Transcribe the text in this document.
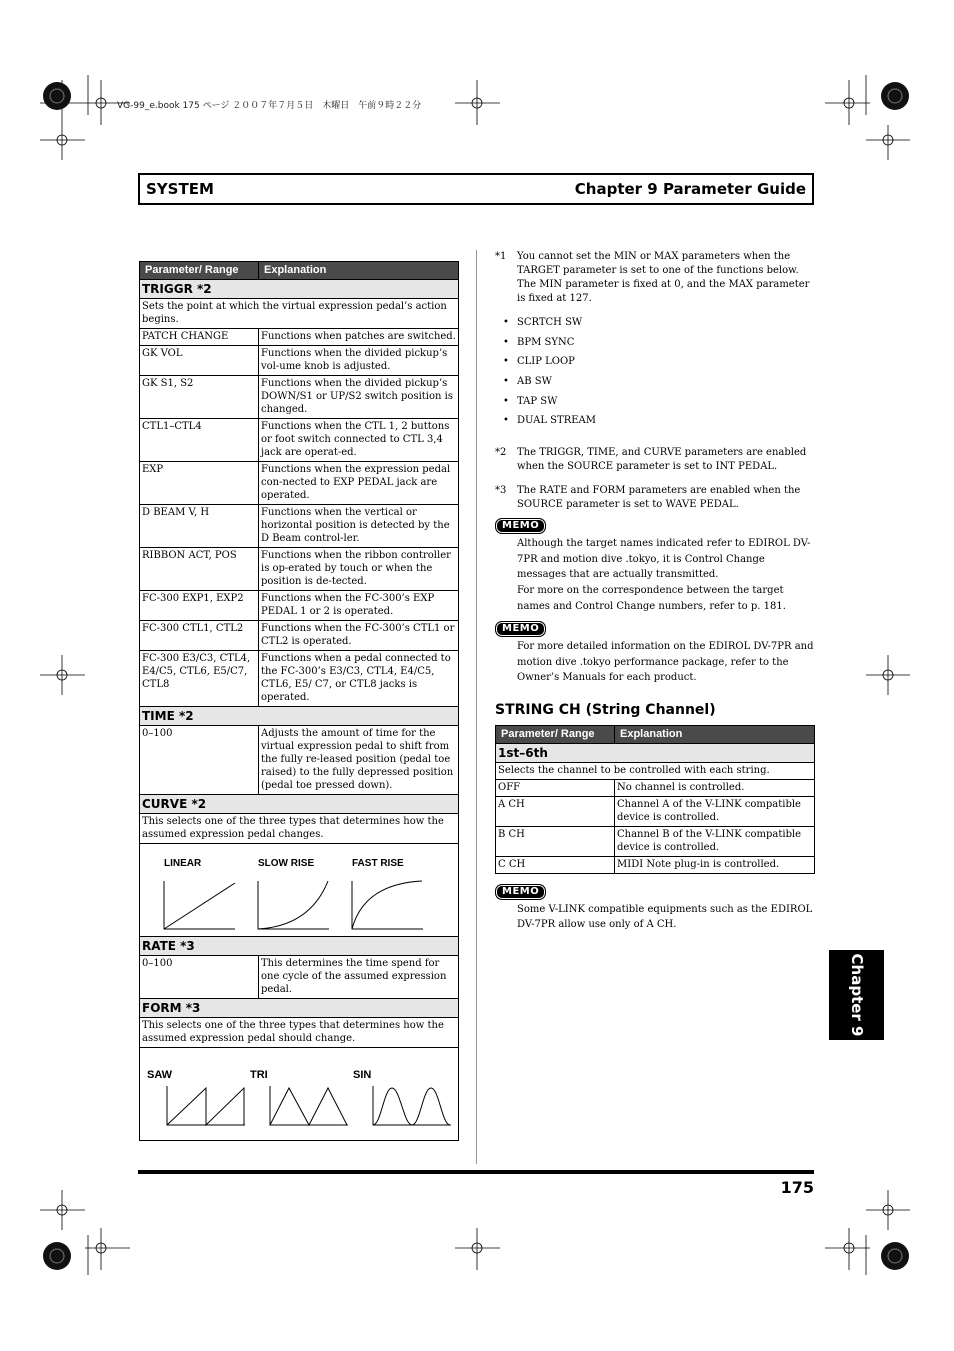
VG-99_e.book 175 ページ ２００７年７月５日　木曜日　午前９時２２分
SYSTEM	Chapter 9 Parameter Guide
Parameter/ Range	Explanation
TRIGGR *2	
Sets the point at which the virtual expression pedal’s action begins.	
PATCH CHANGE	Functions when patches are switched.
GK VOL	Functions when the divided pickup’s vol-ume knob is adjusted.
GK S1, S2	Functions when the divided pickup’s DOWN/S1 or UP/S2 switch position is changed.
CTL1–CTL4	Functions when the CTL 1, 2 buttons or foot switch connected to CTL 3,4 jack are operat-ed.
EXP	Functions when the expression pedal con-nected to EXP PEDAL jack are operated.
D BEAM V, H	Functions when the vertical or horizontal position is detected by the D Beam control-ler.
RIBBON ACT, POS	Functions when the ribbon controller is op-erated by touch or when the position is de-tected.
FC-300 EXP1, EXP2	Functions when the FC-300’s EXP PEDAL 1 or 2 is operated.
FC-300 CTL1, CTL2	Functions when the FC-300’s CTL1 or CTL2 is operated.
FC-300 E3/C3, CTL4, E4/C5, CTL6, E5/C7, CTL8	Functions when a pedal connected to the FC-300’s E3/C3, CTL4, E4/C5, CTL6, E5/ C7, or CTL8 jacks is operated.
TIME *2	
0–100	Adjusts the amount of time for the virtual expression pedal to shift from the fully re-leased position (pedal toe raised) to the fully depressed position (pedal toe pressed down).
CURVE *2	
This selects one of the three types that determines how the assumed expression pedal changes.	

LINEAR SLOW RISE FAST RISE	

RATE *3	
0–100	This determines the time spend for one cycle of the assumed expression pedal.
FORM *3	
This selects one of the three types that determines how the assumed expression pedal should change.	

SAW TRI SIN	
*1 You cannot set the MIN or MAX parameters when the TARGET parameter is set to one of the functions below. The MIN parameter is fixed at 0, and the MAX parameter is fixed at 127.
• SCRTCH SW
• BPM SYNC
• CLIP LOOP
• AB SW
• TAP SW
• DUAL STREAM
*2 The TRIGGR, TIME, and CURVE parameters are enabled when the SOURCE parameter is set to INT PEDAL.
*3 The RATE and FORM parameters are enabled when the SOURCE parameter is set to WAVE PEDAL.
MEMO
Although the target names indicated refer to EDIROL DV-7PR and motion dive .tokyo, it is Control Change messages that are actually transmitted.
For more on the correspondence between the target names and Control Change numbers, refer to p. 181.
MEMO
For more detailed information on the EDIROL DV-7PR and motion dive .tokyo performance package, refer to the Owner’s Manuals for each product.
STRING CH (String Channel)
Parameter/ Range	Explanation
1st–6th	
Selects the channel to be controlled with each string.	
OFF	No channel is controlled.
A CH	Channel A of the V-LINK compatible device is controlled.
B CH	Channel B of the V-LINK compatible device is controlled.
C CH	MIDI Note plug-in is controlled.
MEMO
Some V-LINK compatible equipments such as the EDIROL DV-7PR allow use only of A CH.
Chapter 9
175
